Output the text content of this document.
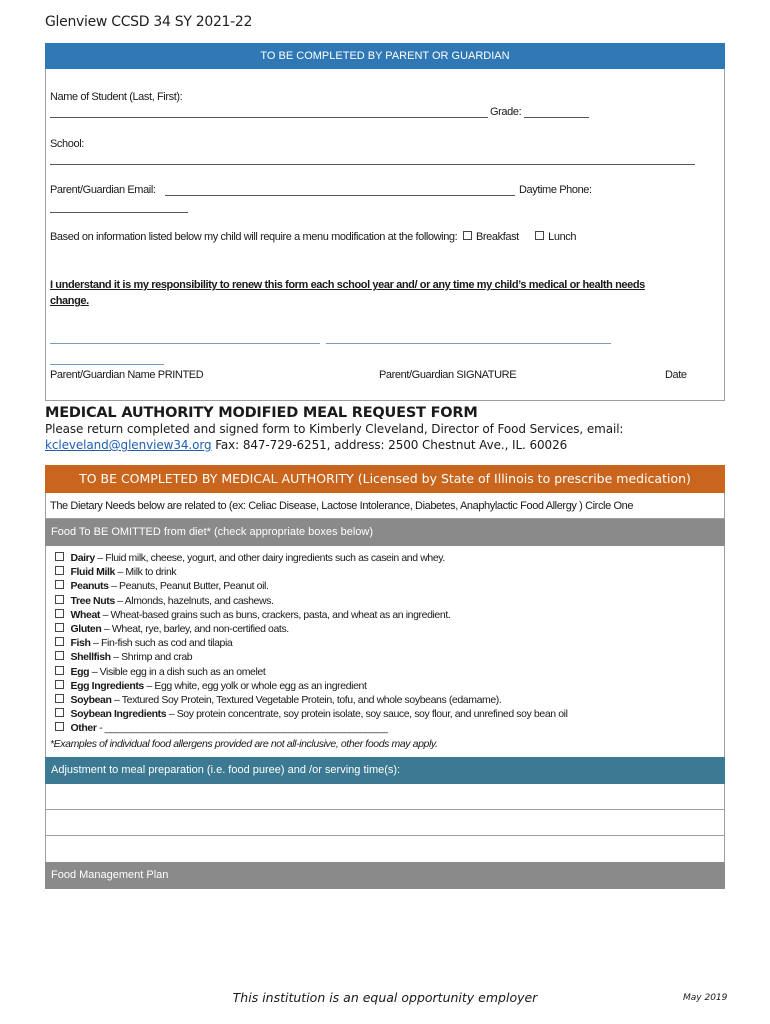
Glenview CCSD 34 SY 2021-22
TO BE COMPLETED BY PARENT OR GUARDIAN
Name of Student (Last, First):
Grade:
School:
Parent/Guardian Email:	Daytime Phone:
Based on information listed below my child will require a menu modification at the following: Breakfast	Lunch
I understand it is my responsibility to renew this form each school year and/ or any time my child’s medical or health needs
change.
Parent/Guardian Name PRINTED	Parent/Guardian SIGNATURE	Date
MEDICAL AUTHORITY MODIFIED MEAL REQUEST FORM
Please return completed and signed form to Kimberly Cleveland, Director of Food Services, email:
kcleveland@glenview34.org Fax: 847-729-6251, address: 2500 Chestnut Ave., IL. 60026
TO BE COMPLETED BY MEDICAL AUTHORITY (Licensed by State of Illinois to prescribe medication)
The Dietary Needs below are related to (ex: Celiac Disease, Lactose Intolerance, Diabetes, Anaphylactic Food Allergy ) Circle One
Food To BE OMITTED from diet* (check appropriate boxes below)
Dairy – Fluid milk, cheese, yogurt, and other dairy ingredients such as casein and whey.
Fluid Milk – Milk to drink
Peanuts – Peanuts, Peanut Butter, Peanut oil.
Tree Nuts – Almonds, hazelnuts, and cashews.
Wheat – Wheat-based grains such as buns, crackers, pasta, and wheat as an ingredient.
Gluten – Wheat, rye, barley, and non-certified oats.
Fish – Fin-fish such as cod and tilapia
Shellfish – Shrimp and crab
Egg – Visible egg in a dish such as an omelet
Egg Ingredients – Egg white, egg yolk or whole egg as an ingredient
Soybean – Textured Soy Protein, Textured Vegetable Protein, tofu, and whole soybeans (edamame).
Soybean Ingredients – Soy protein concentrate, soy protein isolate, soy sauce, soy flour, and unrefined soy bean oil
Other - ____________________________________________________
*Examples of individual food allergens provided are not all-inclusive, other foods may apply.
Adjustment to meal preparation (i.e. food puree) and /or serving time(s):
Food Management Plan
This institution is an equal opportunity employer	May 2019
